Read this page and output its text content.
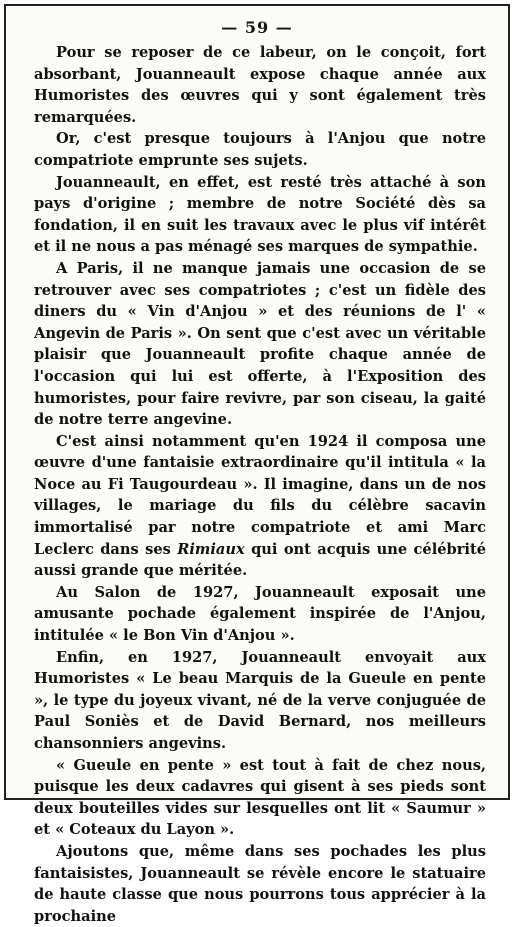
— 59 —

Pour se reposer de ce labeur, on le conçoit, fort absorbant, Jouanneault expose chaque année aux Humoristes des œuvres qui y sont également très remarquées.

Or, c'est presque toujours à l'Anjou que notre compatriote emprunte ses sujets.

Jouanneault, en effet, est resté très attaché à son pays d'origine ; membre de notre Société dès sa fondation, il en suit les travaux avec le plus vif intérêt et il ne nous a pas ménagé ses marques de sympathie.

A Paris, il ne manque jamais une occasion de se retrouver avec ses compatriotes ; c'est un fidèle des diners du « Vin d'Anjou » et des réunions de l' « Angevin de Paris ». On sent que c'est avec un véritable plaisir que Jouanneault profite chaque année de l'occasion qui lui est offerte, à l'Exposition des humoristes, pour faire revivre, par son ciseau, la gaité de notre terre angevine.

C'est ainsi notamment qu'en 1924 il composa une œuvre d'une fantaisie extraordinaire qu'il intitula « la Noce au Fi Taugourdeau ». Il imagine, dans un de nos villages, le mariage du fils du célèbre sacavin immortalisé par notre compatriote et ami Marc Leclerc dans ses Rimiaux qui ont acquis une célébrité aussi grande que méritée.

Au Salon de 1927, Jouanneault exposait une amusante pochade également inspirée de l'Anjou, intitulée « le Bon Vin d'Anjou ».

Enfin, en 1927, Jouanneault envoyait aux Humoristes « Le beau Marquis de la Gueule en pente », le type du joyeux vivant, né de la verve conjuguée de Paul Soniès et de David Bernard, nos meilleurs chansonniers angevins.

« Gueule en pente » est tout à fait de chez nous, puisque les deux cadavres qui gisent à ses pieds sont deux bouteilles vides sur lesquelles ont lit « Saumur » et « Coteaux du Layon ».

Ajoutons que, même dans ses pochades les plus fantaisistes, Jouanneault se révèle encore le statuaire de haute classe que nous pourrons tous apprécier à la prochaine
